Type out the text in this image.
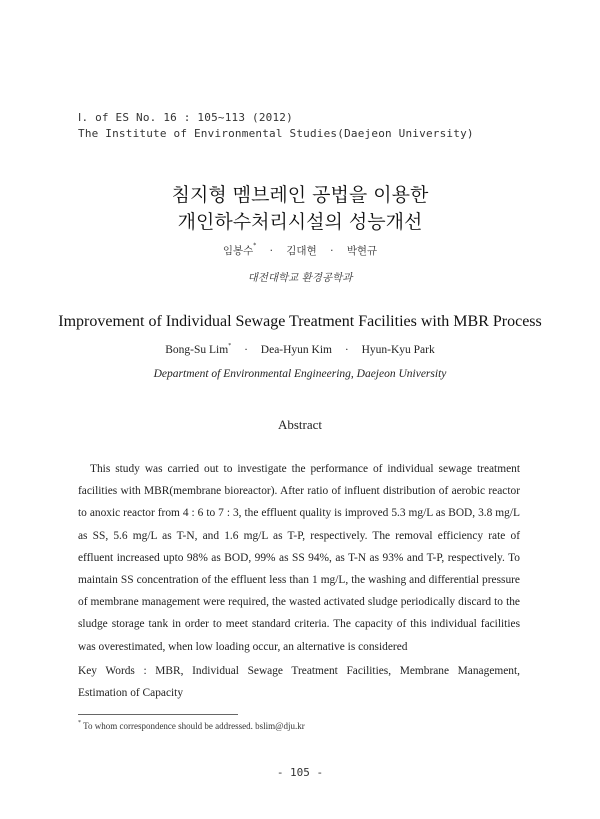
Ⅰ. of ES No. 16 : 105~113 (2012)
The Institute of Environmental Studies(Daejeon University)
침지형 멤브레인 공법을 이용한
개인하수처리시설의 성능개선
임봉수* · 김대현 · 박현규
대전대학교 환경공학과
Improvement of Individual Sewage Treatment Facilities with MBR Process
Bong-Su Lim* · Dea-Hyun Kim · Hyun-Kyu Park
Department of Environmental Engineering, Daejeon University
Abstract

This study was carried out to investigate the performance of individual sewage treatment facilities with MBR(membrane bioreactor). After ratio of influent distribution of aerobic reactor to anoxic reactor from 4 : 6 to 7 : 3, the effluent quality is improved 5.3 mg/L as BOD, 3.8 mg/L as SS, 5.6 mg/L as T-N, and 1.6 mg/L as T-P, respectively. The removal efficiency rate of effluent increased upto 98% as BOD, 99% as SS 94%, as T-N as 93% and T-P, respectively. To maintain SS concentration of the effluent less than 1 mg/L, the washing and differential pressure of membrane management were required, the wasted activated sludge periodically discard to the sludge storage tank in order to meet standard criteria. The capacity of this individual facilities was overestimated, when low loading occur, an alternative is considered

Key Words : MBR, Individual Sewage Treatment Facilities, Membrane Management, Estimation of Capacity
* To whom correspondence should be addressed. bslim@dju.kr
- 105 -
